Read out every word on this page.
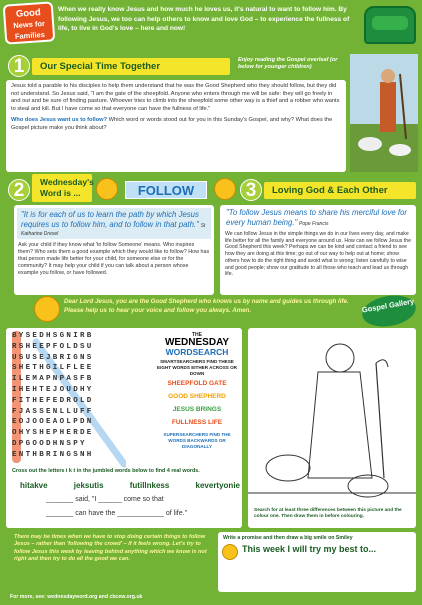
Good
News for
Families
When we really know Jesus and how much he loves us, it's natural to want to follow him. By following Jesus, we too can help others to know and love God – to experience the fullness of life, to live in God's love – here and now!
1	Our Special Time Together
Enjoy reading the Gospel overleaf (or below for younger children)
Jesus told a parable to his disciples to help them understand that he was the Good Shepherd who they should follow, but they did not understand. So Jesus said, "I am the gate of the sheepfold. Anyone who enters through me will be safe: they will go freely in and out and be sure of finding pasture. Whoever tries to climb into the sheepfold some other way is a thief and a robber who wants to steal and kill. But I have come so that everyone can have the fullness of life."
Who does Jesus want us to follow? Which word or words stood out for you in this Sunday's Gospel, and why? What does the Gospel picture make you think about?
2	Wednesday's Word is ...	FOLLOW	3	Loving God & Each Other
"It is for each of us to learn the path by which Jesus requires us to follow him, and to follow in that path." St Katharine Drexel
Ask your child if they know what 'to follow Someone' means. Who inspires them? Who sets them a good example which they would like to follow? How has that person made life better for your child, for someone else or for the community? It may help your child if you can talk about a person whose example you follow, or have followed.
"To follow Jesus means to share his merciful love for every human being." Pope Francis
We can follow Jesus in the simple things we do in our lives every day, and make life better for all the family and everyone around us. How can we follow Jesus the Good Shepherd this week? Perhaps we can be kind and contact a friend to see how they are doing at this time; go out of our way to help out at home; show others how to do the right thing and avoid what is wrong; listen carefully to wise and good people; show our gratitude to all those who teach and lead us through life.
Dear Lord Jesus, you are the Good Shepherd who knows us by name and guides us through life. Please help us to hear your voice and follow you always. Amen.	Gospel Gallery
BYSEDHSGNIRB
RSHEEPFOLDSU
USUSEJBRIGNS
SHETHGILFLEE
ILEMAPNPASFB
IHEHTEJOUDHY
FITHEFEDROLD
FJASSENLLUFF
EOJOOEAOLPDN
OHYSHEPHERDE
DPGOODHNSPY
ENTHBRINGSNH
THE
WEDNESDAY
WORDSEARCH
SMARTSEARCHERS FIND THESE EIGHT WORDS EITHER ACROSS OR DOWN
SHEEPFOLD GATE
GOOD SHEPHERD
JESUS BRINGS
FULLNESS LIFE
SUPERSEARCHERS FIND THE WORDS BACKWARDS OR DIAGONALLY
Cross out the letters i k t in the jumbled words below to find 4 real words.
hitakve	jeksutis	futillnkess	kevertyonie
_______ said, "I ______ come so that
_______ can have the ____________ of life."	Search for at least three differences between this picture and the colour one. Then draw them in before colouring.
There may be times when we have to stop doing certain things to follow Jesus – rather than 'following the crowd' – if it feels wrong. Let's try to follow Jesus this week by leaving behind anything which we know is not right and then try to do all the good we can.
Write a promise and then draw a big smile on Smiley
This week I will try my best to...
For more, see: wednesdayword.org and cbcew.org.uk
